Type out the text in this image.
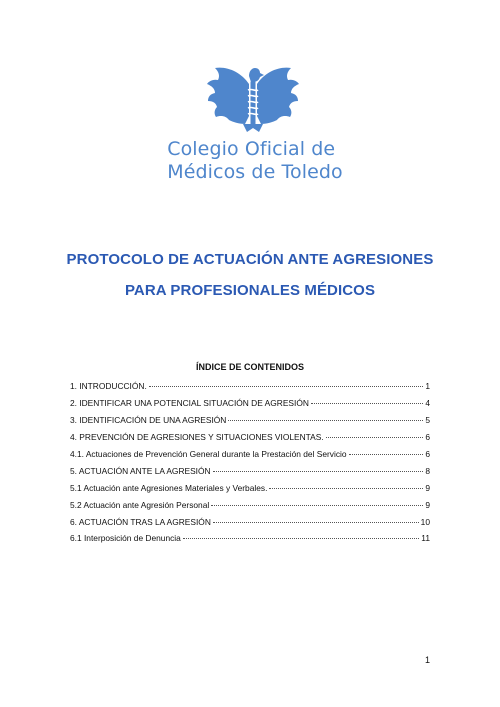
Colegio Oficial de
Médicos de Toledo
PROTOCOLO DE ACTUACIÓN ANTE AGRESIONES
PARA PROFESIONALES MÉDICOS
ÍNDICE DE CONTENIDOS
1. INTRODUCCIÓN.	1
2. IDENTIFICAR UNA POTENCIAL SITUACIÓN DE AGRESIÓN	4
3. IDENTIFICACIÓN DE UNA AGRESIÓN	5
4. PREVENCIÓN DE AGRESIONES Y SITUACIONES VIOLENTAS.	6
4.1. Actuaciones de Prevención General durante la Prestación del Servicio	6
5. ACTUACIÓN ANTE LA AGRESIÓN	8
5.1 Actuación ante Agresiones Materiales y Verbales.	9
5.2 Actuación ante Agresión Personal	9
6. ACTUACIÓN TRAS LA AGRESIÓN	10
6.1 Interposición de Denuncia	11
1
